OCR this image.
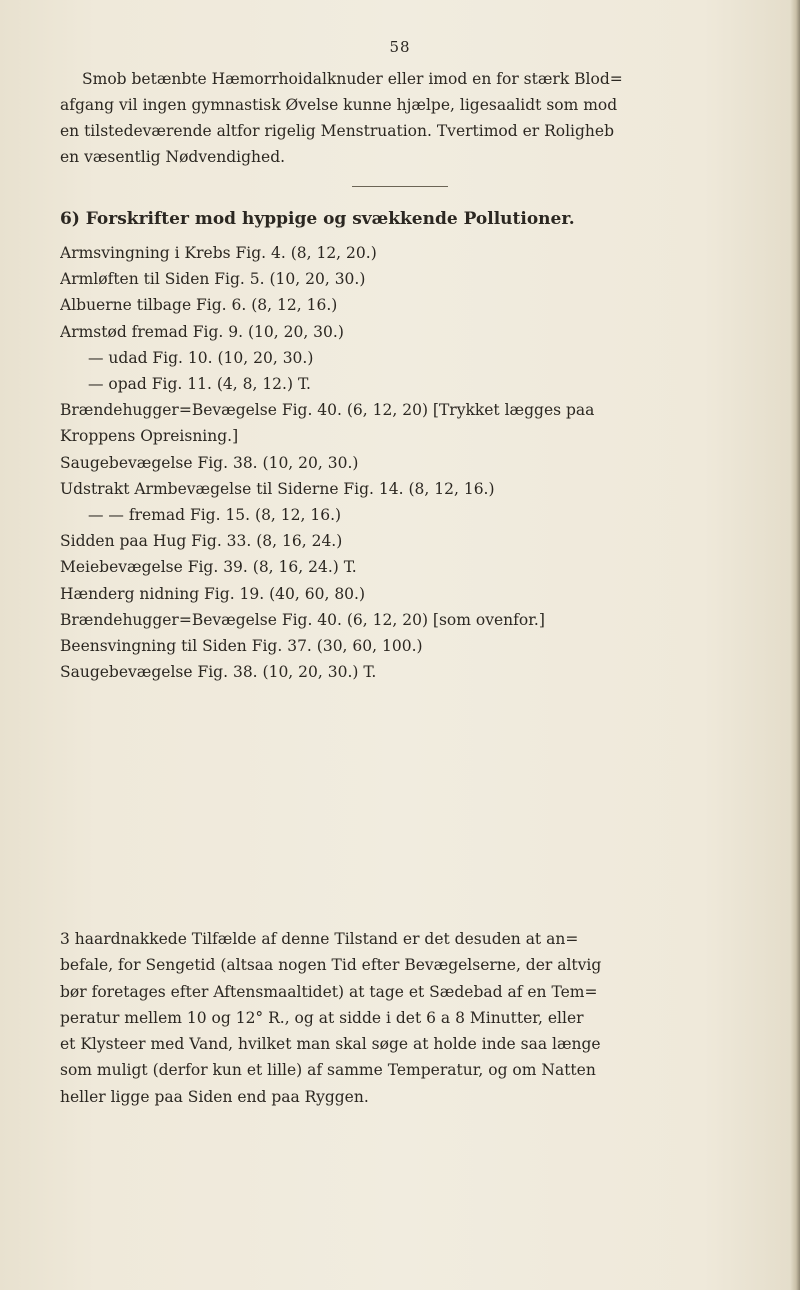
58
Smob betænbte Hæmorrhoidalknuder eller imod en for stærk Blod=
afgang vil ingen gymnastisk Øvelse kunne hjælpe, ligesaalidt som mod
en tilstedeværende altfor rigelig Menstruation. Tvertimod er Roligheb
en væsentlig Nødvendighed.
6) Forskrifter mod hyppige og svækkende Pollutioner.
Armsvingning i Krebs Fig. 4. (8, 12, 20.)
Armløften til Siden Fig. 5. (10, 20, 30.)
Albuerne tilbage Fig. 6. (8, 12, 16.)
Armstød fremad Fig. 9. (10, 20, 30.)
— udad Fig. 10. (10, 20, 30.)
— opad Fig. 11. (4, 8, 12.) T.
Brændehugger=Bevægelse Fig. 40. (6, 12, 20) [Trykket lægges paa
Kroppens Opreisning.]
Saugebevægelse Fig. 38. (10, 20, 30.)
Udstrakt Armbevægelse til Siderne Fig. 14. (8, 12, 16.)
— — fremad Fig. 15. (8, 12, 16.)
Sidden paa Hug Fig. 33. (8, 16, 24.)
Meiebevægelse Fig. 39. (8, 16, 24.) T.
Hænderg nidning Fig. 19. (40, 60, 80.)
Brændehugger=Bevægelse Fig. 40. (6, 12, 20) [som ovenfor.]
Beensvingning til Siden Fig. 37. (30, 60, 100.)
Saugebevægelse Fig. 38. (10, 20, 30.) T.
3 haardnakkede Tilfælde af denne Tilstand er det desuden at an=
befale, for Sengetid (altsaa nogen Tid efter Bevægelserne, der altvig
bør foretages efter Aftensmaaltidet) at tage et Sædebad af en Tem=
peratur mellem 10 og 12° R., og at sidde i det 6 a 8 Minutter, eller
et Klysteer med Vand, hvilket man skal søge at holde inde saa længe
som muligt (derfor kun et lille) af samme Temperatur, og om Natten
heller ligge paa Siden end paa Ryggen.
